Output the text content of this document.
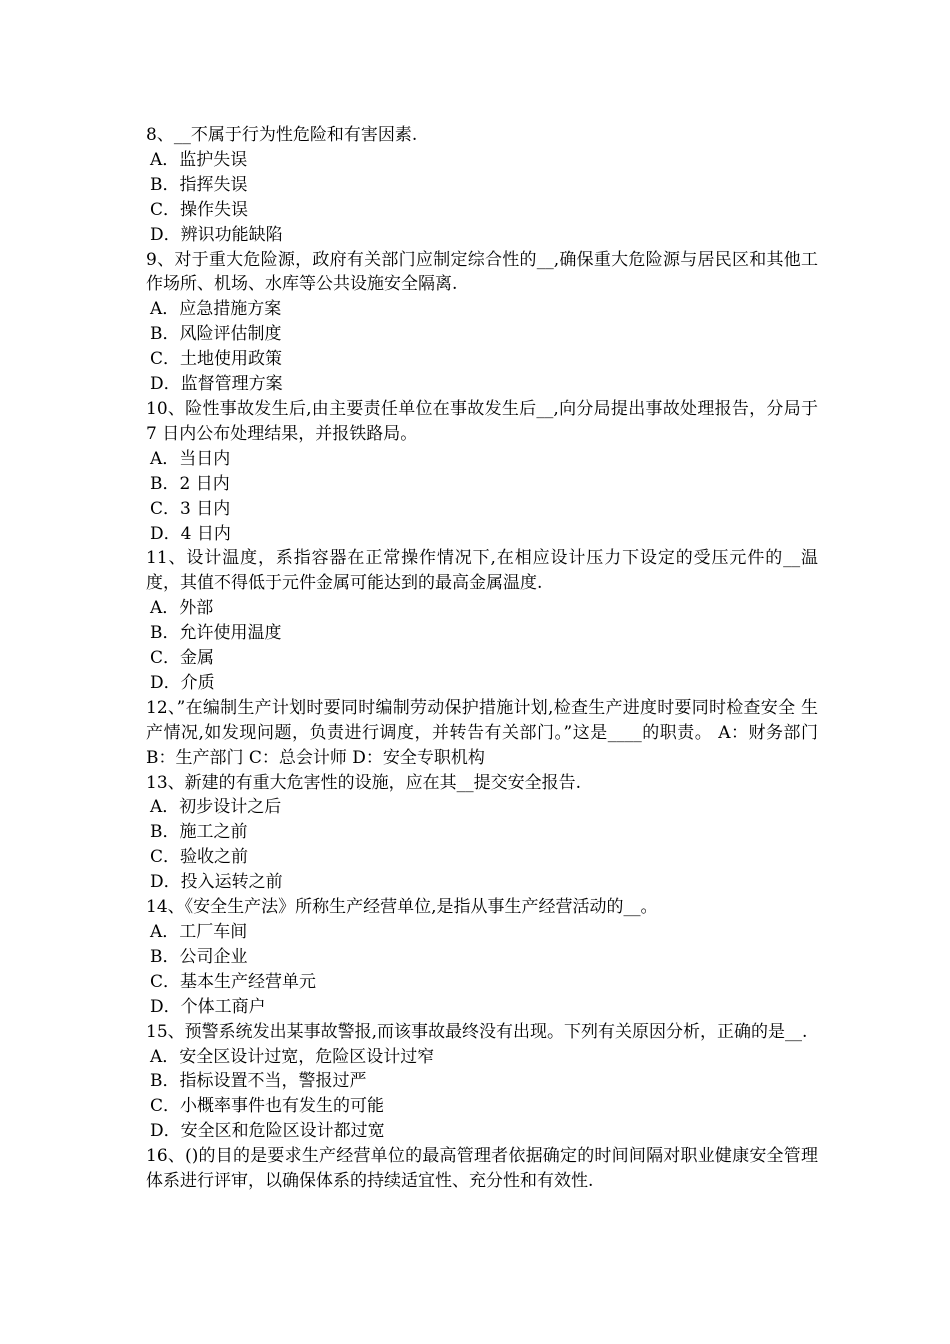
8、__不属于行为性危险和有害因素.

A．监护失误

B．指挥失误

C．操作失误

D．辨识功能缺陷

9、对于重大危险源，政府有关部门应制定综合性的__,确保重大危险源与居民区和其他工作场所、机场、水库等公共设施安全隔离.

A．应急措施方案

B．风险评估制度

C．土地使用政策

D．监督管理方案

10、险性事故发生后,由主要责任单位在事故发生后__,向分局提出事故处理报告，分局于 7 日内公布处理结果，并报铁路局。

A．当日内

B．2 日内

C．3 日内

D．4 日内

11、设计温度，系指容器在正常操作情况下,在相应设计压力下设定的受压元件的__温度，其值不得低于元件金属可能达到的最高金属温度.

A．外部

B．允许使用温度

C．金属

D．介质

12、”在编制生产计划时要同时编制劳动保护措施计划,检查生产进度时要同时检查安全 生产情况,如发现问题，负责进行调度，并转告有关部门。”这是____的职责。 A：财务部门 B：生产部门 C：总会计师 D：安全专职机构

13、新建的有重大危害性的设施，应在其__提交安全报告.

A．初步设计之后

B．施工之前

C．验收之前

D．投入运转之前

14、《安全生产法》所称生产经营单位,是指从事生产经营活动的__。

A．工厂车间

B．公司企业

C．基本生产经营单元

D．个体工商户

15、预警系统发出某事故警报,而该事故最终没有出现。下列有关原因分析，正确的是__.

A．安全区设计过宽，危险区设计过窄

B．指标设置不当，警报过严

C．小概率事件也有发生的可能

D．安全区和危险区设计都过宽

16、()的目的是要求生产经营单位的最高管理者依据确定的时间间隔对职业健康安全管理体系进行评审，以确保体系的持续适宜性、充分性和有效性.
